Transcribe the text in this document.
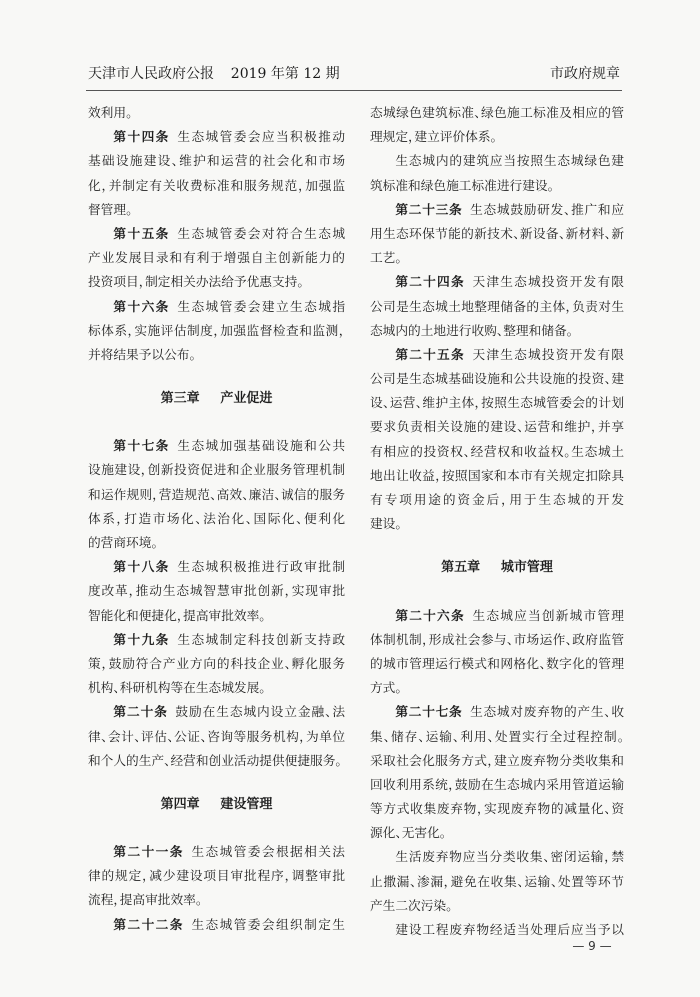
天津市人民政府公报 2019 年第 12 期	市政府规章
效利用。
第十四条 生态城管委会应当积极推动
基础设施建设、维护和运营的社会化和市场
化，并制定有关收费标准和服务规范，加强监
督管理。
第十五条 生态城管委会对符合生态城
产业发展目录和有利于增强自主创新能力的
投资项目，制定相关办法给予优惠支持。
第十六条 生态城管委会建立生态城指
标体系，实施评估制度，加强监督检查和监测，
并将结果予以公布。
第三章 产业促进
第十七条 生态城加强基础设施和公共
设施建设，创新投资促进和企业服务管理机制
和运作规则，营造规范、高效、廉洁、诚信的服务
体系，打造市场化、法治化、国际化、便利化
的营商环境。
第十八条 生态城积极推进行政审批制
度改革，推动生态城智慧审批创新，实现审批
智能化和便捷化，提高审批效率。
第十九条 生态城制定科技创新支持政
策，鼓励符合产业方向的科技企业、孵化服务
机构、科研机构等在生态城发展。
第二十条 鼓励在生态城内设立金融、法
律、会计、评估、公证、咨询等服务机构，为单位
和个人的生产、经营和创业活动提供便捷服务。
第四章 建设管理
第二十一条 生态城管委会根据相关法
律的规定，减少建设项目审批程序，调整审批
流程，提高审批效率。
第二十二条 生态城管委会组织制定生
态城绿色建筑标准、绿色施工标准及相应的管
理规定，建立评价体系。
生态城内的建筑应当按照生态城绿色建
筑标准和绿色施工标准进行建设。
第二十三条 生态城鼓励研发、推广和应
用生态环保节能的新技术、新设备、新材料、新
工艺。
第二十四条 天津生态城投资开发有限
公司是生态城土地整理储备的主体，负责对生
态城内的土地进行收购、整理和储备。
第二十五条 天津生态城投资开发有限
公司是生态城基础设施和公共设施的投资、建
设、运营、维护主体，按照生态城管委会的计划
要求负责相关设施的建设、运营和维护，并享
有相应的投资权、经营权和收益权。生态城土
地出让收益，按照国家和本市有关规定扣除具
有专项用途的资金后，用于生态城的开发
建设。
第五章 城市管理
第二十六条 生态城应当创新城市管理
体制机制，形成社会参与、市场运作、政府监管
的城市管理运行模式和网格化、数字化的管理
方式。
第二十七条 生态城对废弃物的产生、收
集、储存、运输、利用、处置实行全过程控制。
采取社会化服务方式，建立废弃物分类收集和
回收利用系统，鼓励在生态城内采用管道运输
等方式收集废弃物，实现废弃物的减量化、资
源化、无害化。
生活废弃物应当分类收集、密闭运输，禁
止撒漏、渗漏，避免在收集、运输、处置等环节
产生二次污染。
建设工程废弃物经适当处理后应当予以
— 9 —
